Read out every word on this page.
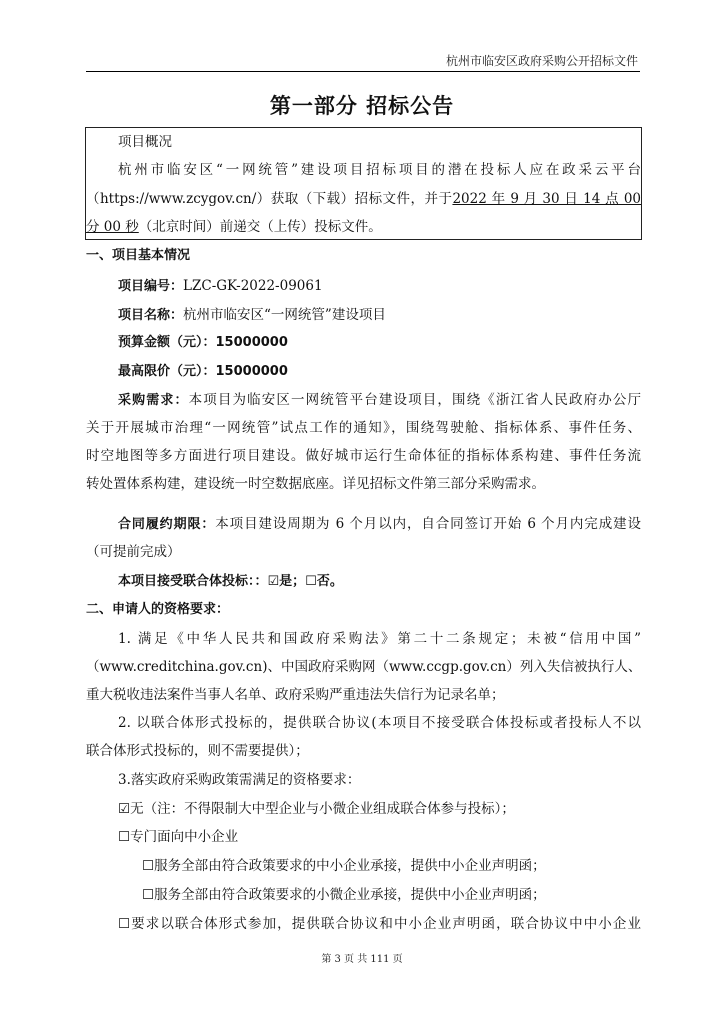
杭州市临安区政府采购公开招标文件
第一部分 招标公告
项目概况
杭州市临安区“一网统管”建设项目招标项目的潜在投标人应在政采云平台
（https://www.zcygov.cn/）获取（下载）招标文件，并于2022 年 9 月 30 日 14 点 00
分 00 秒（北京时间）前递交（上传）投标文件。
一、项目基本情况
项目编号：LZC-GK-2022-09061
项目名称：杭州市临安区“一网统管”建设项目
预算金额（元）：15000000
最高限价（元）：15000000
采购需求：本项目为临安区一网统管平台建设项目，围绕《浙江省人民政府办公厅
关于开展城市治理“一网统管”试点工作的通知》，围绕驾驶舱、指标体系、事件任务、
时空地图等多方面进行项目建设。做好城市运行生命体征的指标体系构建、事件任务流
转处置体系构建，建设统一时空数据底座。详见招标文件第三部分采购需求。
合同履约期限：本项目建设周期为 6 个月以内，自合同签订开始 6 个月内完成建设
（可提前完成）
本项目接受联合体投标：：☑是；☐否。
二、申请人的资格要求：
1. 满足《中华人民共和国政府采购法》第二十二条规定；未被“信用中国”
（www.creditchina.gov.cn)、中国政府采购网（www.ccgp.gov.cn）列入失信被执行人、
重大税收违法案件当事人名单、政府采购严重违法失信行为记录名单；
2. 以联合体形式投标的，提供联合协议(本项目不接受联合体投标或者投标人不以
联合体形式投标的，则不需要提供）；
3.落实政府采购政策需满足的资格要求：
☑无（注：不得限制大中型企业与小微企业组成联合体参与投标）；
☐专门面向中小企业
☐服务全部由符合政策要求的中小企业承接，提供中小企业声明函；
☐服务全部由符合政策要求的小微企业承接，提供中小企业声明函；
☐要求以联合体形式参加，提供联合协议和中小企业声明函，联合协议中中小企业
第 3 页 共 111 页
